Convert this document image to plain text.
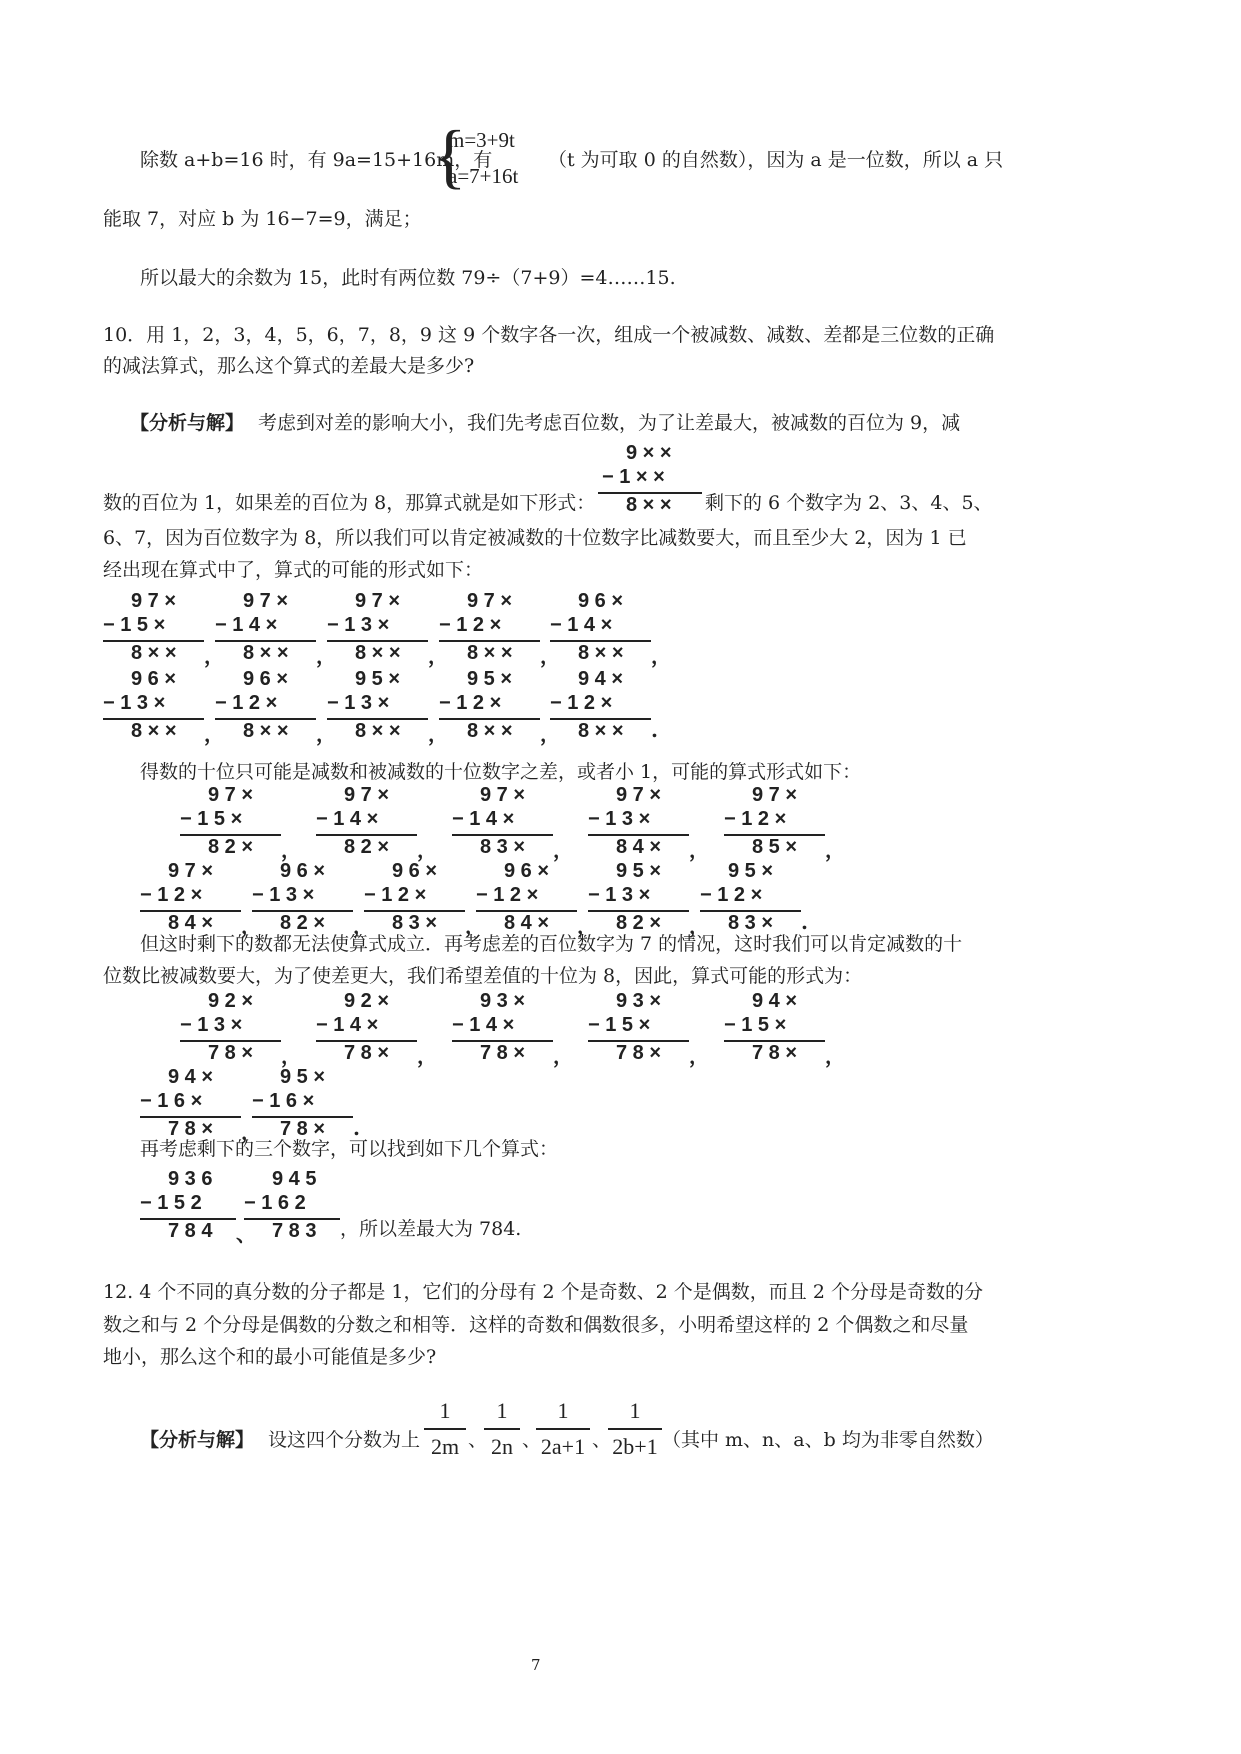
除数 a+b=16 时，有 9a=15+16m，有
{
m=3+9t
a=7+16t
（t 为可取 0 的自然数），因为 a 是一位数，所以 a 只
能取 7，对应 b 为 16−7=9，满足；
所以最大的余数为 15，此时有两位数 79÷（7+9）=4……15.
10．用 1，2，3，4，5，6，7，8，9 这 9 个数字各一次，组成一个被减数、减数、差都是三位数的正确
的减法算式，那么这个算式的差最大是多少?
【分析与解】 考虑到对差的影响大小，我们先考虑百位数，为了让差最大，被减数的百位为 9，减
9 × ×
− 1 × ×
8 × ×
数的百位为 1，如果差的百位为 8，那算式就是如下形式：	剩下的 6 个数字为 2、3、4、5、
6、7，因为百位数字为 8，所以我们可以肯定被减数的十位数字比减数要大，而且至少大 2，因为 1 已
经出现在算式中了，算式的可能的形式如下：
9 7 ×
− 1 5 ×
8 × × ，
9 7 ×
− 1 4 ×
8 × × ，
9 7 ×
− 1 3 ×
8 × × ，
9 7 ×
− 1 2 ×
8 × × ，
9 6 ×
− 1 4 ×
8 × × ，
9 6 ×
− 1 3 ×
8 × × ，
9 6 ×
− 1 2 ×
8 × × ，
9 5 ×
− 1 3 ×
8 × × ，
9 5 ×
− 1 2 ×
8 × × ，
9 4 ×
− 1 2 ×
8 × × .
得数的十位只可能是减数和被减数的十位数字之差，或者小 1，可能的算式形式如下：
9 7 ×
− 1 5 ×
8 2 × ，
9 7 ×
− 1 4 ×
8 2 × ，
9 7 ×
− 1 4 ×
8 3 × ，
9 7 ×
− 1 3 ×
8 4 × ，
9 7 ×
− 1 2 ×
8 5 × ，
9 7 ×
− 1 2 ×
8 4 × ，
9 6 ×
− 1 3 ×
8 2 × ，
9 6 ×
− 1 2 ×
8 3 × ，
9 6 ×
− 1 2 ×
8 4 × ，
9 5 ×
− 1 3 ×
8 2 × ，
9 5 ×
− 1 2 ×
8 3 × .
但这时剩下的数都无法使算式成立．再考虑差的百位数字为 7 的情况，这时我们可以肯定减数的十
位数比被减数要大，为了使差更大，我们希望差值的十位为 8，因此，算式可能的形式为：
9 2 ×
− 1 3 ×
7 8 × ，
9 2 ×
− 1 4 ×
7 8 × ，
9 3 ×
− 1 4 ×
7 8 × ，
9 3 ×
− 1 5 ×
7 8 × ，
9 4 ×
− 1 5 ×
7 8 × ，
9 4 ×
− 1 6 ×
7 8 × ，
9 5 ×
− 1 6 ×
7 8 × .
再考虑剩下的三个数字，可以找到如下几个算式：
9 3 6
− 1 5 2
7 8 4 、
9 4 5
− 1 6 2
7 8 3 ，所以差最大为 784.
12. 4 个不同的真分数的分子都是 1，它们的分母有 2 个是奇数、2 个是偶数，而且 2 个分母是奇数的分
数之和与 2 个分母是偶数的分数之和相等．这样的奇数和偶数很多，小明希望这样的 2 个偶数之和尽量
地小，那么这个和的最小可能值是多少?
【分析与解】 设这四个分数为上
1
2m 、
1
2n 、
1
2a+1 、
1
2b+1 （其中 m、n、a、b 均为非零自然数）
7
